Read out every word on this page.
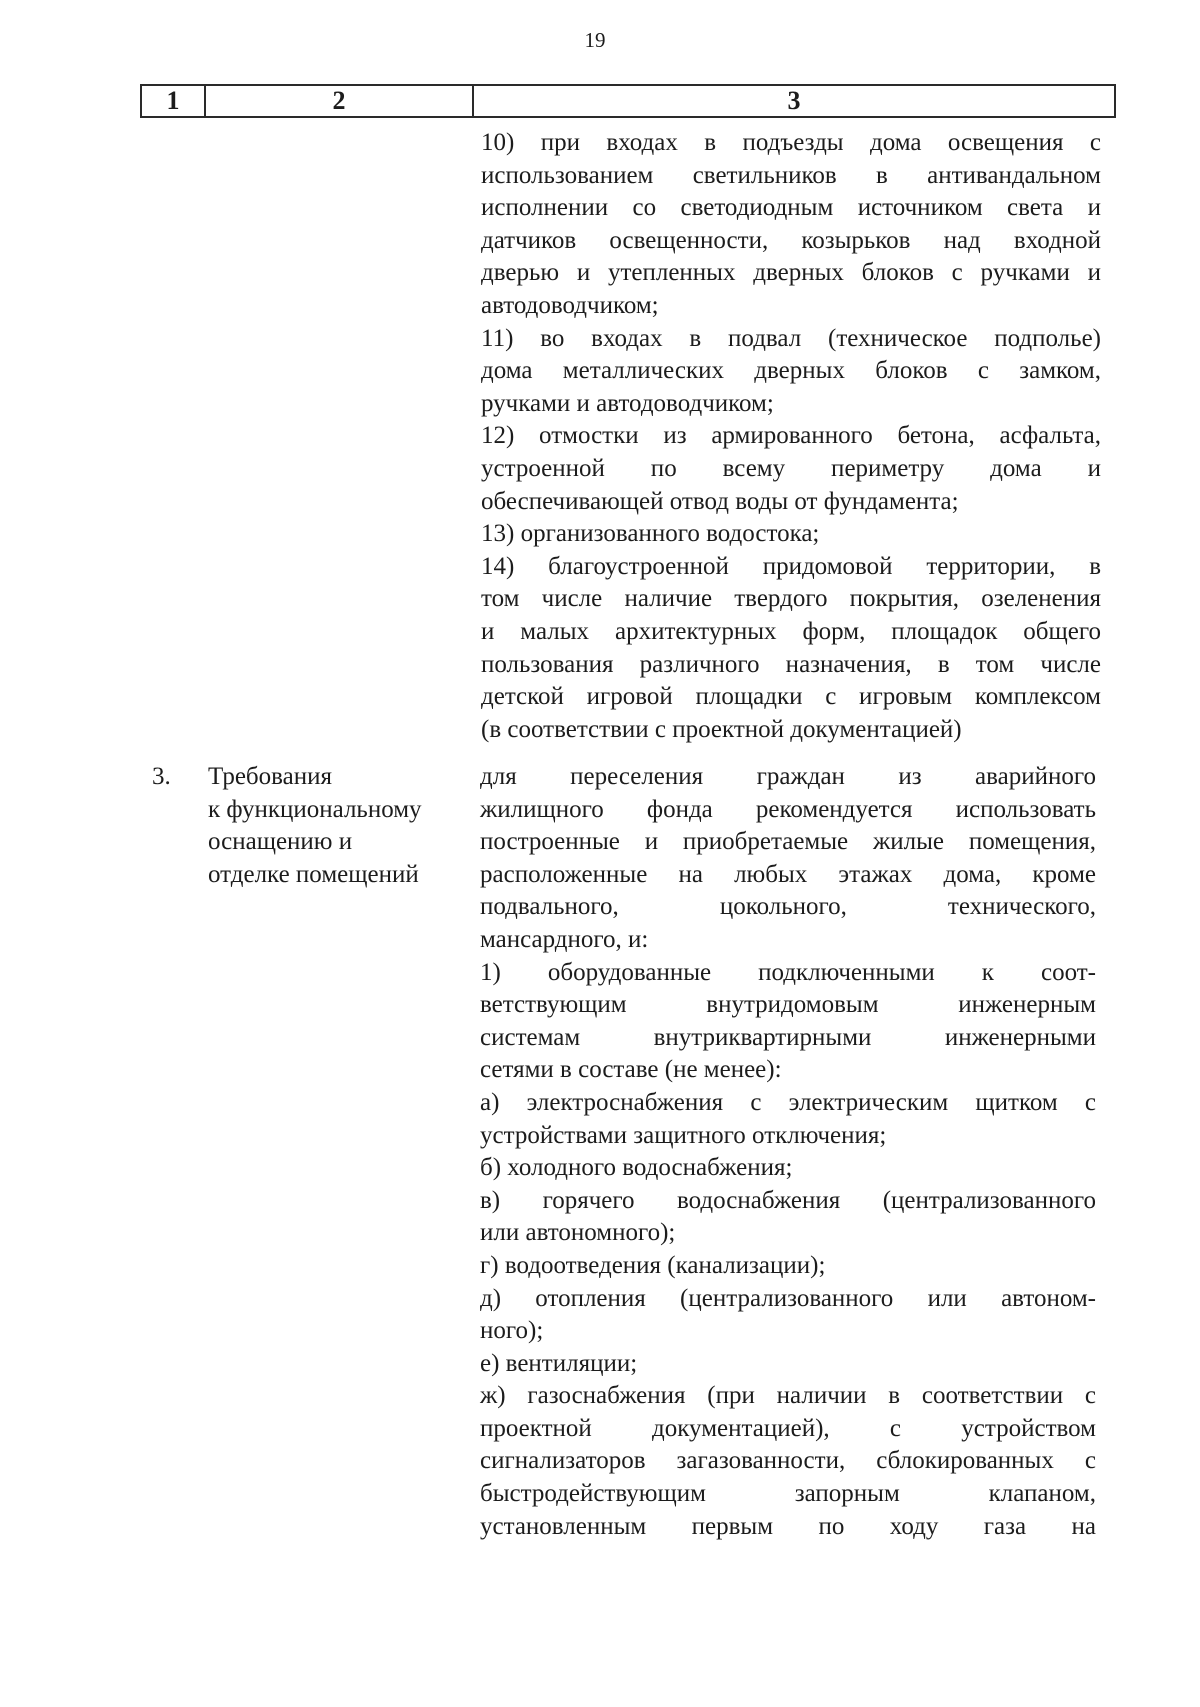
19
1	2	3
10) при входах в подъезды дома освещения с
использованием светильников в антивандальном
исполнении со светодиодным источником света и
датчиков освещенности, козырьков над входной
дверью и утепленных дверных блоков с ручками и
автодоводчиком;
11) во входах в подвал (техническое подполье)
дома металлических дверных блоков с замком,
ручками и автодоводчиком;
12) отмостки из армированного бетона, асфальта,
устроенной по всему периметру дома и
обеспечивающей отвод воды от фундамента;
13) организованного водостока;
14) благоустроенной придомовой территории, в
том числе наличие твердого покрытия, озеленения
и малых архитектурных форм, площадок общего
пользования различного назначения, в том числе
детской игровой площадки с игровым комплексом
(в соответствии с проектной документацией)
3. Требования
к функциональному
оснащению и
отделке помещений
для переселения граждан из аварийного
жилищного фонда рекомендуется использовать
построенные и приобретаемые жилые помещения,
расположенные на любых этажах дома, кроме
подвального, цокольного, технического,
мансардного, и:
1) оборудованные подключенными к соот-
ветствующим внутридомовым инженерным
системам внутриквартирными инженерными
сетями в составе (не менее):
а) электроснабжения с электрическим щитком с
устройствами защитного отключения;
б) холодного водоснабжения;
в) горячего водоснабжения (централизованного
или автономного);
г) водоотведения (канализации);
д) отопления (централизованного или автоном-
ного);
е) вентиляции;
ж) газоснабжения (при наличии в соответствии с
проектной документацией), с устройством
сигнализаторов загазованности, сблокированных с
быстродействующим запорным клапаном,
установленным первым по ходу газа на
